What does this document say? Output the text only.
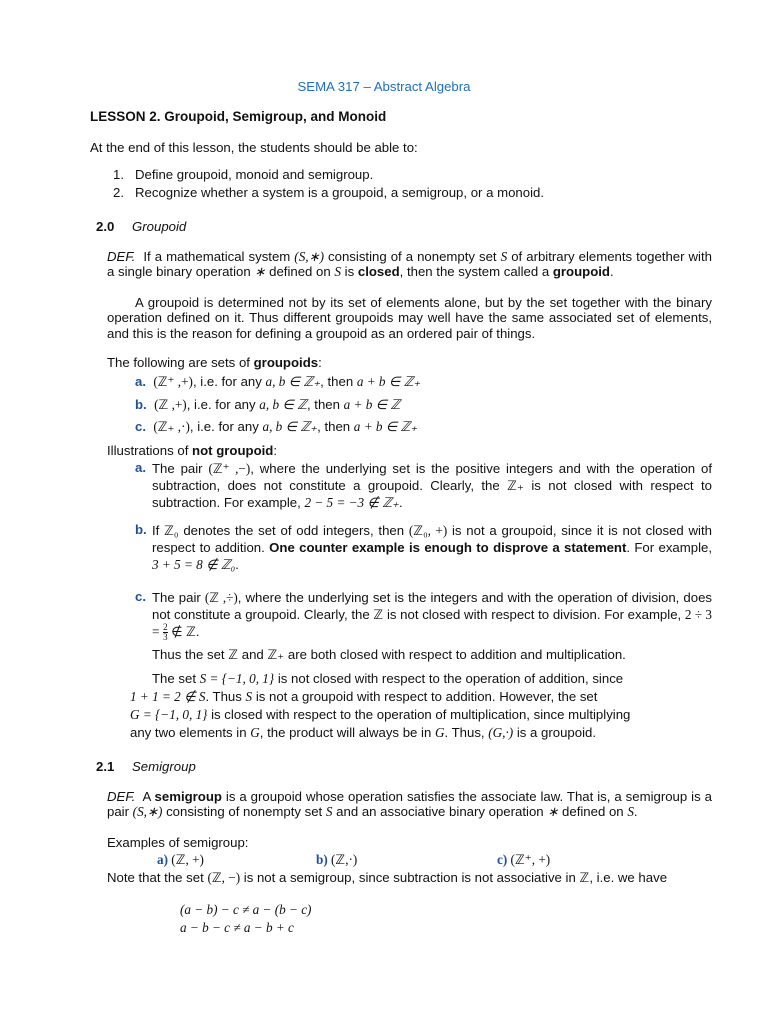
SEMA 317 – Abstract Algebra
LESSON 2. Groupoid, Semigroup, and Monoid
At the end of this lesson, the students should be able to:
1. Define groupoid, monoid and semigroup.
2. Recognize whether a system is a groupoid, a semigroup, or a monoid.
2.0 Groupoid
DEF. If a mathematical system (S,∗) consisting of a nonempty set S of arbitrary elements together with a single binary operation ∗ defined on S is closed, then the system called a groupoid.
A groupoid is determined not by its set of elements alone, but by the set together with the binary operation defined on it. Thus different groupoids may well have the same associated set of elements, and this is the reason for defining a groupoid as an ordered pair of things.
The following are sets of groupoids:
a. (ℤ⁺ ,+), i.e. for any a, b ∈ ℤ₊, then a + b ∈ ℤ₊
b. (ℤ ,+), i.e. for any a, b ∈ ℤ, then a + b ∈ ℤ
c. (ℤ₊ ,·), i.e. for any a, b ∈ ℤ₊, then a + b ∈ ℤ₊
Illustrations of not groupoid:
a. The pair (ℤ⁺ ,−), where the underlying set is the positive integers and with the operation of subtraction, does not constitute a groupoid. Clearly, the ℤ₊ is not closed with respect to subtraction. For example, 2 − 5 = −3 ∉ ℤ₊.
b. If ℤ₀ denotes the set of odd integers, then (ℤ₀, +) is not a groupoid, since it is not closed with respect to addition. One counter example is enough to disprove a statement. For example, 3 + 5 = 8 ∉ ℤ₀.
c. The pair (ℤ ,÷), where the underlying set is the integers and with the operation of division, does not constitute a groupoid. Clearly, the ℤ is not closed with respect to division. For example, $2 \div 3 = \frac{2}{3}$ ∉ ℤ.
Thus the set ℤ and ℤ₊ are both closed with respect to addition and multiplication.
The set S = {−1, 0, 1} is not closed with respect to the operation of addition, since
1 + 1 = 2 ∉ S. Thus S is not a groupoid with respect to addition. However, the set
G = {−1, 0, 1} is closed with respect to the operation of multiplication, since multiplying
any two elements in G, the product will always be in G. Thus, (G,·) is a groupoid.
2.1 Semigroup
DEF. A semigroup is a groupoid whose operation satisfies the associate law. That is, a semigroup is a pair (S,∗) consisting of nonempty set S and an associative binary operation ∗ defined on S.
Examples of semigroup:
a) (ℤ, +)	b) (ℤ,·)	c) (ℤ⁺, +)
Note that the set (ℤ, −) is not a semigroup, since subtraction is not associative in ℤ, i.e. we have
(a − b) − c ≠ a − (b − c)
a − b − c ≠ a − b + c
